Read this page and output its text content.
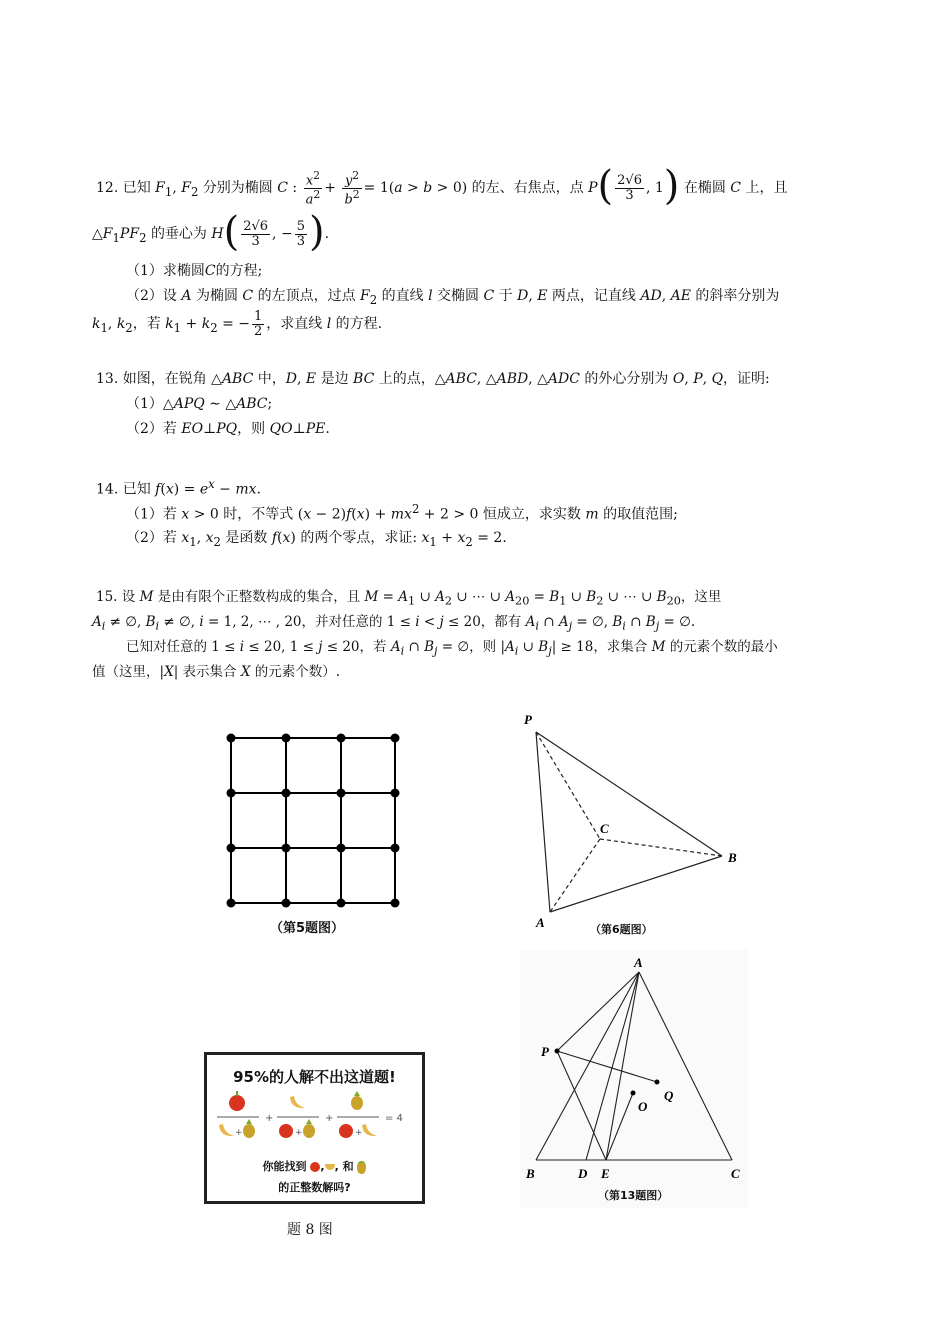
12. 已知 $F_1$, $F_2$ 分别为椭圆 C : $\frac{x^2}{a^2} + \frac{y^2}{b^2} = 1(a > b > 0)$ 的左、右焦点，点 $P( \frac{2√6}{3}$ , 1) 在椭圆 C 上，且
$\triangle F_1PF_2$ 的垂心为 $H( \frac{2√6}{3}$ , − $\frac{5}{3}$ ).
（1）求椭圆C的方程;
（2）设 A 为椭圆 C 的左顶点，过点 $F_2$ 的直线 l 交椭圆 C 于 D, E 两点，记直线 AD, AE 的斜率分别为
$k_1$, $k_2$，若 $k_1 + k_2$ = − $\frac{1}{2}$ ，求直线 l 的方程.
13. 如图，在锐角 △ABC 中，D, E 是边 BC 上的点，△ABC, △ABD, △ADC 的外心分别为 O, P, Q，证明:
（1）△APQ ∼ △ABC;
（2）若 EO⊥PQ，则 QO⊥PE.
14. 已知 $f(x) = e^x$ − mx.
（1）若 x > 0 时，不等式 $(x - 2)f(x) + mx^2 + 2 > 0$ 恒成立，求实数 m 的取值范围;
（2）若 $x_1$, $x_2$ 是函数 f(x) 的两个零点，求证: $x_1 + x_2 = 2$.
15. 设 M 是由有限个正整数构成的集合，且 $M = A_1$ ∪ $A_2$ ∪ ⋯ ∪ $A_{20} = B_1$ ∪ $B_2$ ∪ ⋯ ∪ $B_{20}$，这里
$A_i$ ≠ ∅, $B_i$ ≠ ∅, i = 1, 2, ⋯ , 20，并对任意的 1 ≤ i < j ≤ 20，都有 $A_i$ ∩ $A_j$ = ∅, $B_i$ ∩ $B_j$ = ∅.
已知对任意的 1 ≤ i ≤ 20, 1 ≤ j ≤ 20，若 $A_i$ ∩ $B_j$ = ∅，则 $|A_i$ ∪ $B_j| \ge 18$，求集合 M 的元素个数的最小
值（这里，|X| 表示集合 X 的元素个数）.
（第5题图）
P
C
B
A	（第6题图）
A
P
Q
O
B	D E	C
（第13题图）
95%的人解不出这道题!
+
+
+
+
+
= 4
你能找到 , , 和
的正整数解吗?
题 8 图
